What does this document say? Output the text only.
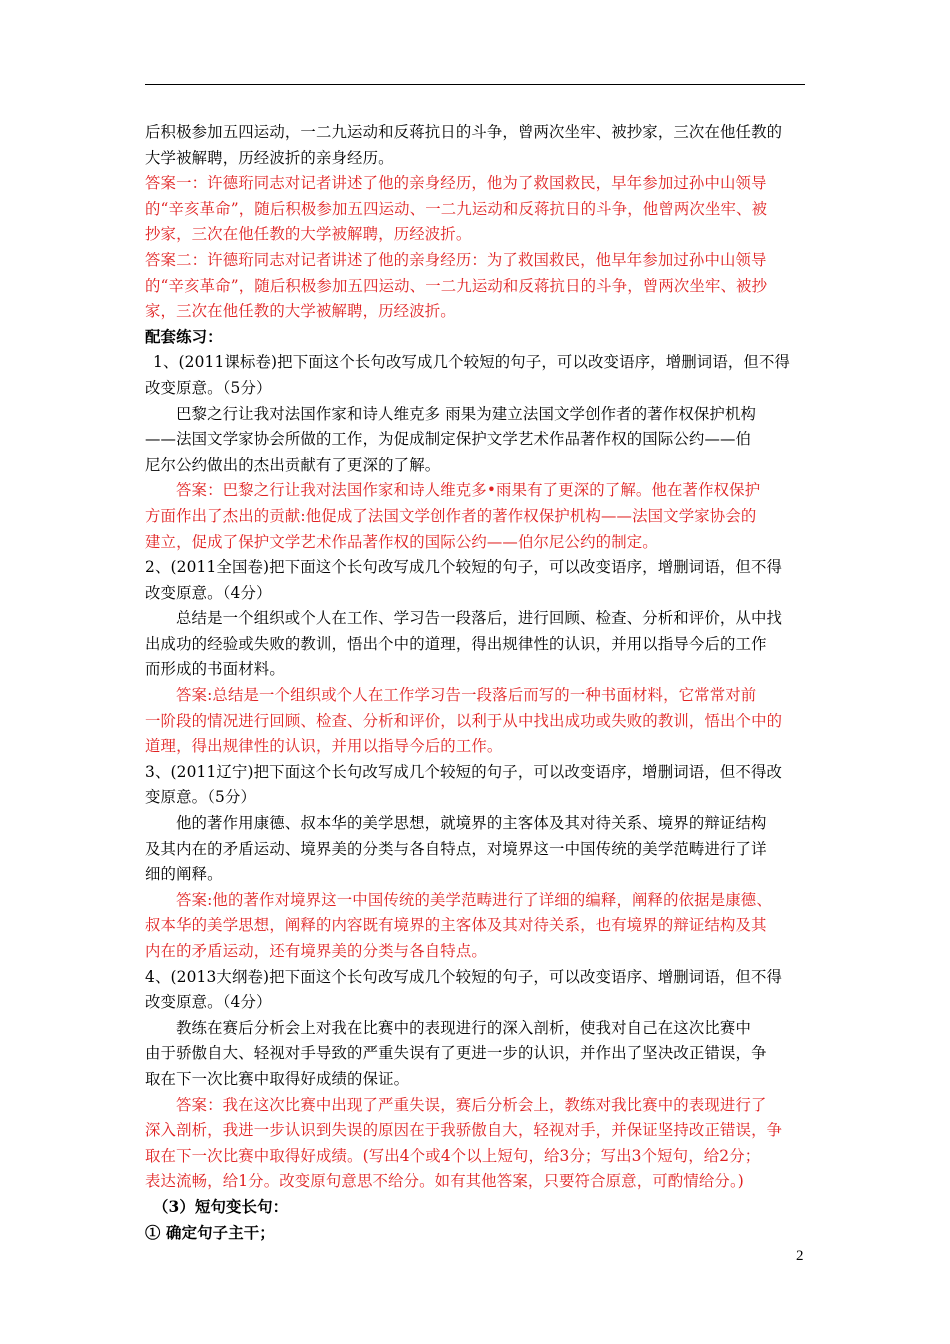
后积极参加五四运动，一二九运动和反蒋抗日的斗争，曾两次坐牢、被抄家，三次在他任教的

大学被解聘，历经波折的亲身经历。

答案一：许德珩同志对记者讲述了他的亲身经历，他为了救国救民，早年参加过孙中山领导

的“辛亥革命”，随后积极参加五四运动、一二九运动和反蒋抗日的斗争，他曾两次坐牢、被

抄家，三次在他任教的大学被解聘，历经波折。

答案二：许德珩同志对记者讲述了他的亲身经历：为了救国救民，他早年参加过孙中山领导

的“辛亥革命”，随后积极参加五四运动、一二九运动和反蒋抗日的斗争，曾两次坐牢、被抄

家，三次在他任教的大学被解聘，历经波折。

配套练习：

1、(2011课标卷)把下面这个长句改写成几个较短的句子，可以改变语序，增删词语，但不得

改变原意。（5分）

巴黎之行让我对法国作家和诗人维克多 雨果为建立法国文学创作者的著作权保护机构

——法国文学家协会所做的工作，为促成制定保护文学艺术作品著作权的国际公约——伯

尼尔公约做出的杰出贡献有了更深的了解。

答案：巴黎之行让我对法国作家和诗人维克多•雨果有了更深的了解。他在著作权保护

方面作出了杰出的贡献:他促成了法国文学创作者的著作权保护机构——法国文学家协会的

建立，促成了保护文学艺术作品著作权的国际公约——伯尔尼公约的制定。

2、(2011全国卷)把下面这个长句改写成几个较短的句子，可以改变语序，增删词语，但不得

改变原意。（4分）

总结是一个组织或个人在工作、学习告一段落后，进行回顾、检查、分析和评价，从中找

出成功的经验或失败的教训，悟出个中的道理，得出规律性的认识，并用以指导今后的工作

而形成的书面材料。

答案:总结是一个组织或个人在工作学习告一段落后而写的一种书面材料，它常常对前

一阶段的情况进行回顾、检查、分析和评价，以利于从中找出成功或失败的教训，悟出个中的

道理，得出规律性的认识，并用以指导今后的工作。

3、(2011辽宁)把下面这个长句改写成几个较短的句子，可以改变语序，增删词语，但不得改

变原意。（5分）

他的著作用康德、叔本华的美学思想，就境界的主客体及其对待关系、境界的辩证结构

及其内在的矛盾运动、境界美的分类与各自特点，对境界这一中国传统的美学范畴进行了详

细的阐释。

答案:他的著作对境界这一中国传统的美学范畴进行了详细的编释，阐释的依据是康德、

叔本华的美学思想，阐释的内容既有境界的主客体及其对待关系，也有境界的辩证结构及其

内在的矛盾运动，还有境界美的分类与各自特点。

4、(2013大纲卷)把下面这个长句改写成几个较短的句子，可以改变语序、增删词语，但不得

改变原意。（4分）

教练在赛后分析会上对我在比赛中的表现进行的深入剖析，使我对自己在这次比赛中

由于骄傲自大、轻视对手导致的严重失误有了更进一步的认识，并作出了坚决改正错误，争

取在下一次比赛中取得好成绩的保证。

答案：我在这次比赛中出现了严重失误，赛后分析会上，教练对我比赛中的表现进行了

深入剖析，我进一步认识到失误的原因在于我骄傲自大，轻视对手，并保证坚持改正错误，争

取在下一次比赛中取得好成绩。(写出4个或4个以上短句，给3分；写出3个短句，给2分；

表达流畅，给1分。改变原句意思不给分。如有其他答案，只要符合原意，可酌情给分。)

（3）短句变长句：

① 确定句子主干；

2
